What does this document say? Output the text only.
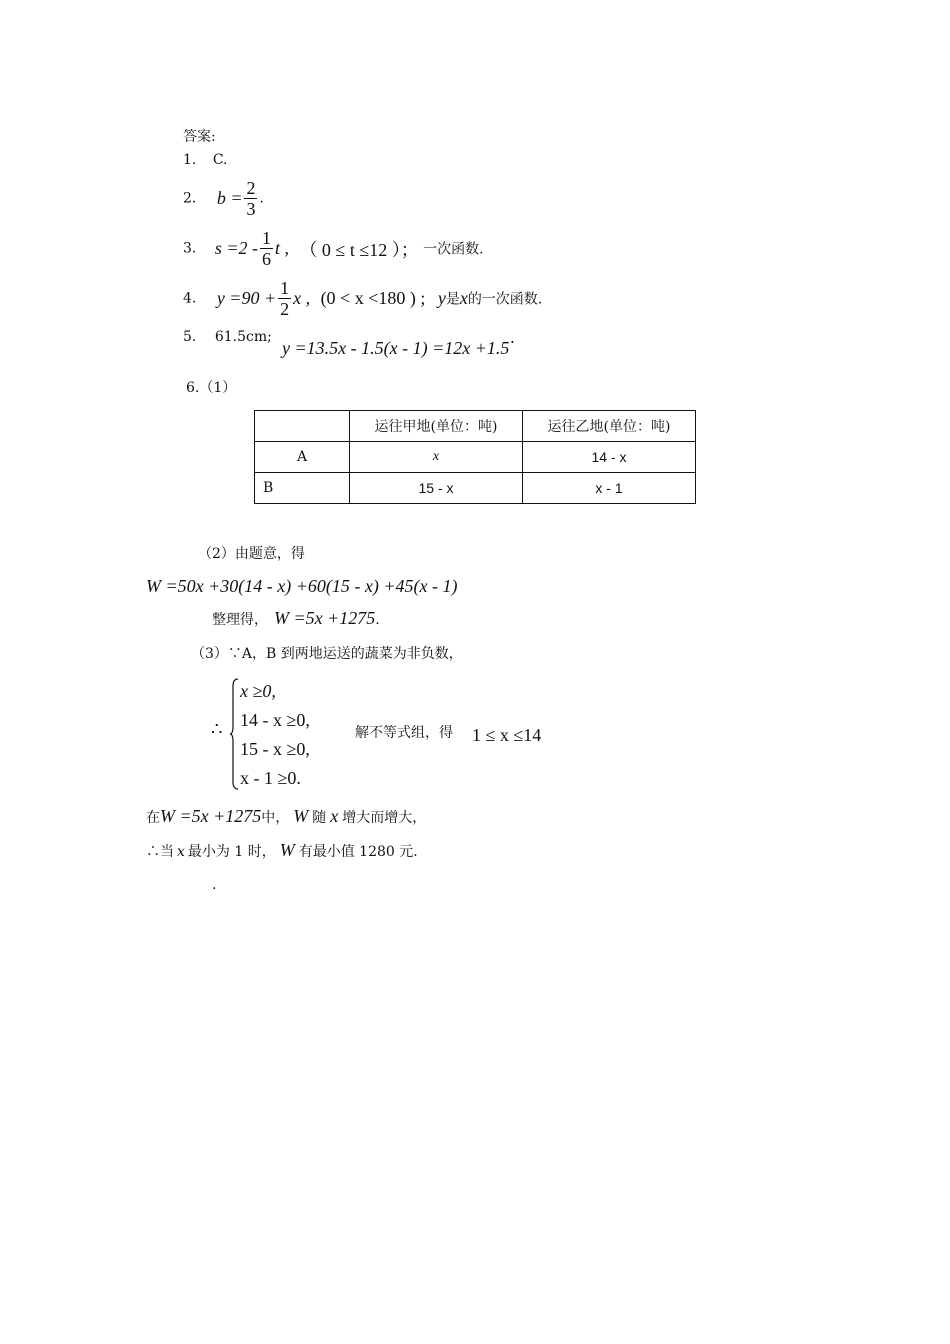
答案:
1. C.
2. $b = \frac{2}{3}$ .
3. $s =2 - \frac{1}{6}$ t , （ 0 ≤ t ≤12 ）； 一次函数.
4. $y =90 + \frac{1}{2}$ x , (0 < x <180 ) ; y是x的一次函数.
5. 61.5cm;
y =13.5x - 1.5(x - 1) =12x +1.5·
6.（1）
	运往甲地(单位：吨)	运往乙地(单位：吨)
A	x	14 - x
B	15 - x	x - 1
（2）由题意，得
W =50x +30(14 - x) +60(15 - x) +45(x - 1)
整理得， W =5x +1275.
（3）∵A，B 到两地运送的蔬菜为非负数，
∴
x ≥0,
14 - x ≥0,
15 - x ≥0,
x - 1 ≥0.
解不等式组，得 1 ≤ x ≤14
在W =5x +1275中， W 随 x 增大而增大，
∴当 x 最小为 1 时， W 有最小值 1280 元.
.
